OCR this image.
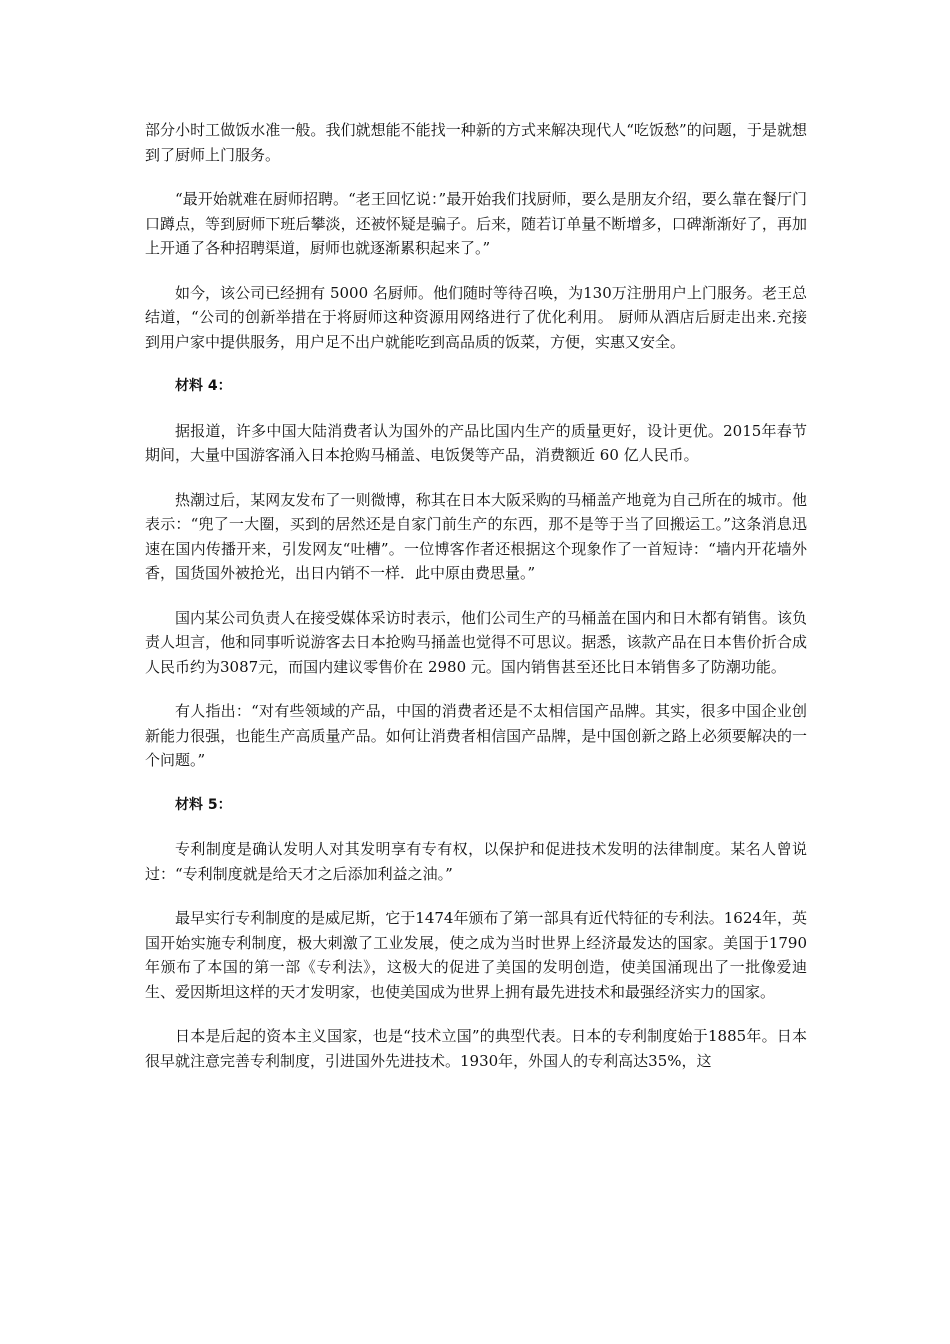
部分小时工做饭水准一般。我们就想能不能找一种新的方式来解决现代人“吃饭愁”的问题，于是就想到了厨师上门服务。

“最开始就难在厨师招聘。“老王回忆说：”最开始我们找厨师，要么是朋友介绍，要么靠在餐厅门口蹲点，等到厨师下班后攀淡，还被怀疑是骗子。后来，随若订单量不断增多，口碑渐渐好了，再加上开通了各种招聘渠道，厨师也就逐渐累积起来了。”

如今，该公司已经拥有 5000 名厨师。他们随时等待召唤，为130万注册用户上门服务。老王总结道，“公司的创新举措在于将厨师这种资源用网络进行了优化利用。 厨师从酒店后厨走出来.充接到用户家中提供服务，用户足不出户就能吃到高品质的饭菜，方便，实惠又安全。

材料 4：

据报道，许多中国大陆消费者认为国外的产品比国内生产的质量更好，设计更优。2015年春节期间，大量中国游客涌入日本抢购马桶盖、电饭煲等产品，消费额近 60 亿人民币。

热潮过后，某网友发布了一则微博，称其在日本大阪采购的马桶盖产地竟为自己所在的城市。他表示：“兜了一大圈，买到的居然还是自家门前生产的东西，那不是等于当了回搬运工。”这条消息迅速在国内传播开来，引发网友“吐槽”。一位博客作者还根据这个现象作了一首短诗：“墙内开花墙外香，国货国外被抢光，出日内销不一样．此中原由费思量。”

国内某公司负责人在接受媒体采访时表示，他们公司生产的马桶盖在国内和日木都有销售。该负责人坦言，他和同事听说游客去日本抢购马捅盖也觉得不可思议。据悉，该款产品在日本售价折合成人民币约为3087元，而国内建议零售价在 2980 元。国内销售甚至还比日本销售多了防潮功能。

有人指出：“对有些领域的产品，中国的消费者还是不太相信国产品牌。其实，很多中国企业创新能力很强，也能生产高质量产品。如何让消费者相信国产品牌，是中国创新之路上必须要解决的一个问题。”

材料 5：

专利制度是确认发明人对其发明享有专有权，以保护和促进技术发明的法律制度。某名人曾说过：“专利制度就是给天才之后添加利益之油。”

最早实行专利制度的是威尼斯，它于1474年颁布了第一部具有近代特征的专利法。1624年，英国开始实施专利制度，极大刺激了工业发展，使之成为当时世界上经济最发达的国家。美国于1790年颁布了本国的第一部《专利法》，这极大的促进了美国的发明创造，使美国涌现出了一批像爱迪生、爱因斯坦这样的天才发明家，也使美国成为世界上拥有最先进技术和最强经济实力的国家。

日本是后起的资本主义国家，也是“技术立国”的典型代表。日本的专利制度始于1885年。日本很早就注意完善专利制度，引进国外先进技术。1930年，外国人的专利高达35%，这
